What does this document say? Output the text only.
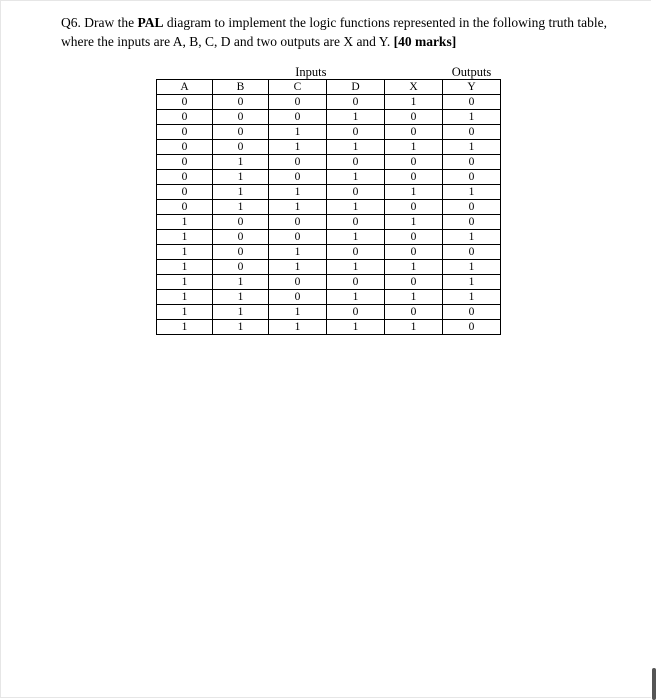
Q6. Draw the PAL diagram to implement the logic functions represented in the following truth table, where the inputs are A, B, C, D and two outputs are X and Y. [40 marks]
	Inputs				Outputs
A	B	C	D	X	Y
0	0	0	0	1	0
0	0	0	1	0	1
0	0	1	0	0	0
0	0	1	1	1	1
0	1	0	0	0	0
0	1	0	1	0	0
0	1	1	0	1	1
0	1	1	1	0	0
1	0	0	0	1	0
1	0	0	1	0	1
1	0	1	0	0	0
1	0	1	1	1	1
1	1	0	0	0	1
1	1	0	1	1	1
1	1	1	0	0	0
1	1	1	1	1	0
